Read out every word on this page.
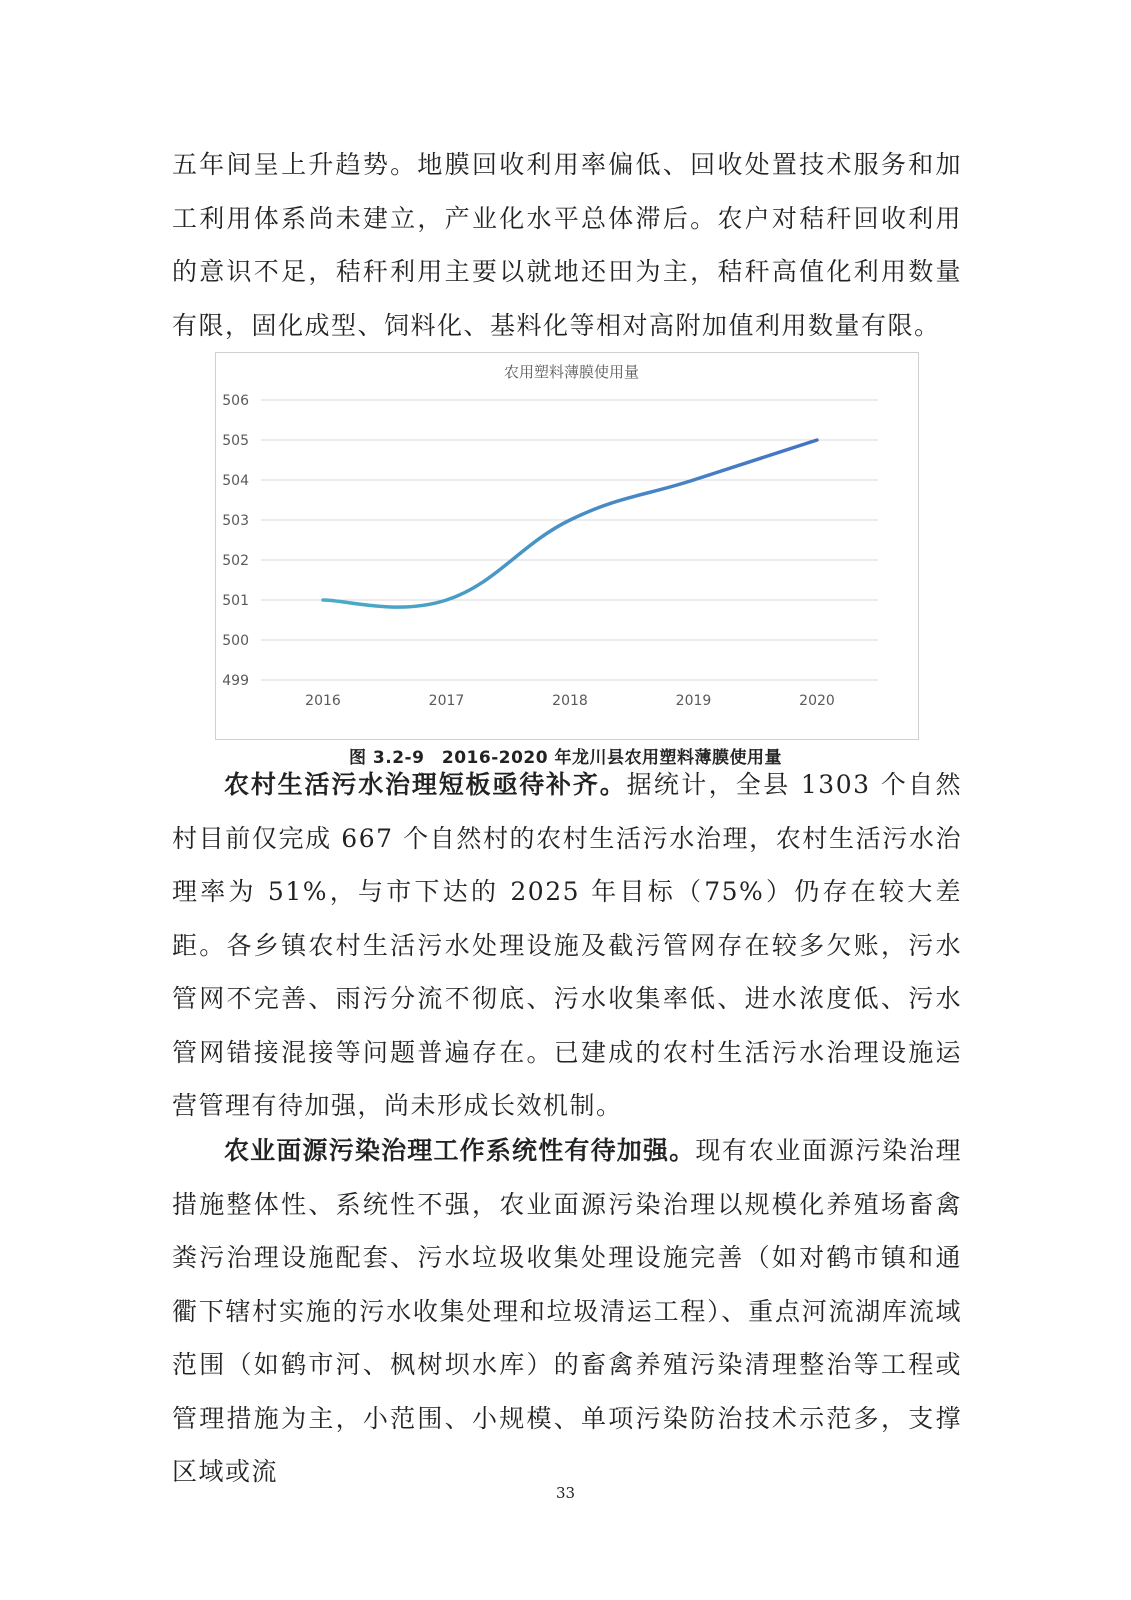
五年间呈上升趋势。地膜回收利用率偏低、回收处置技术服务和加工利用体系尚未建立，产业化水平总体滞后。农户对秸秆回收利用的意识不足，秸秆利用主要以就地还田为主，秸秆高值化利用数量有限，固化成型、饲料化、基料化等相对高附加值利用数量有限。

499
500
501
502
503
504
505
506
2016	2017	2018	2019	2020
农用塑料薄膜使用量
图 3.2-9　2016-2020 年龙川县农用塑料薄膜使用量

农村生活污水治理短板亟待补齐。据统计，全县 1303 个自然村目前仅完成 667 个自然村的农村生活污水治理，农村生活污水治理率为 51%，与市下达的 2025 年目标（75%）仍存在较大差距。各乡镇农村生活污水处理设施及截污管网存在较多欠账，污水管网不完善、雨污分流不彻底、污水收集率低、进水浓度低、污水管网错接混接等问题普遍存在。已建成的农村生活污水治理设施运营管理有待加强，尚未形成长效机制。

农业面源污染治理工作系统性有待加强。现有农业面源污染治理措施整体性、系统性不强，农业面源污染治理以规模化养殖场畜禽粪污治理设施配套、污水垃圾收集处理设施完善（如对鹤市镇和通衢下辖村实施的污水收集处理和垃圾清运工程）、重点河流湖库流域范围（如鹤市河、枫树坝水库）的畜禽养殖污染清理整治等工程或管理措施为主，小范围、小规模、单项污染防治技术示范多，支撑区域或流

33
